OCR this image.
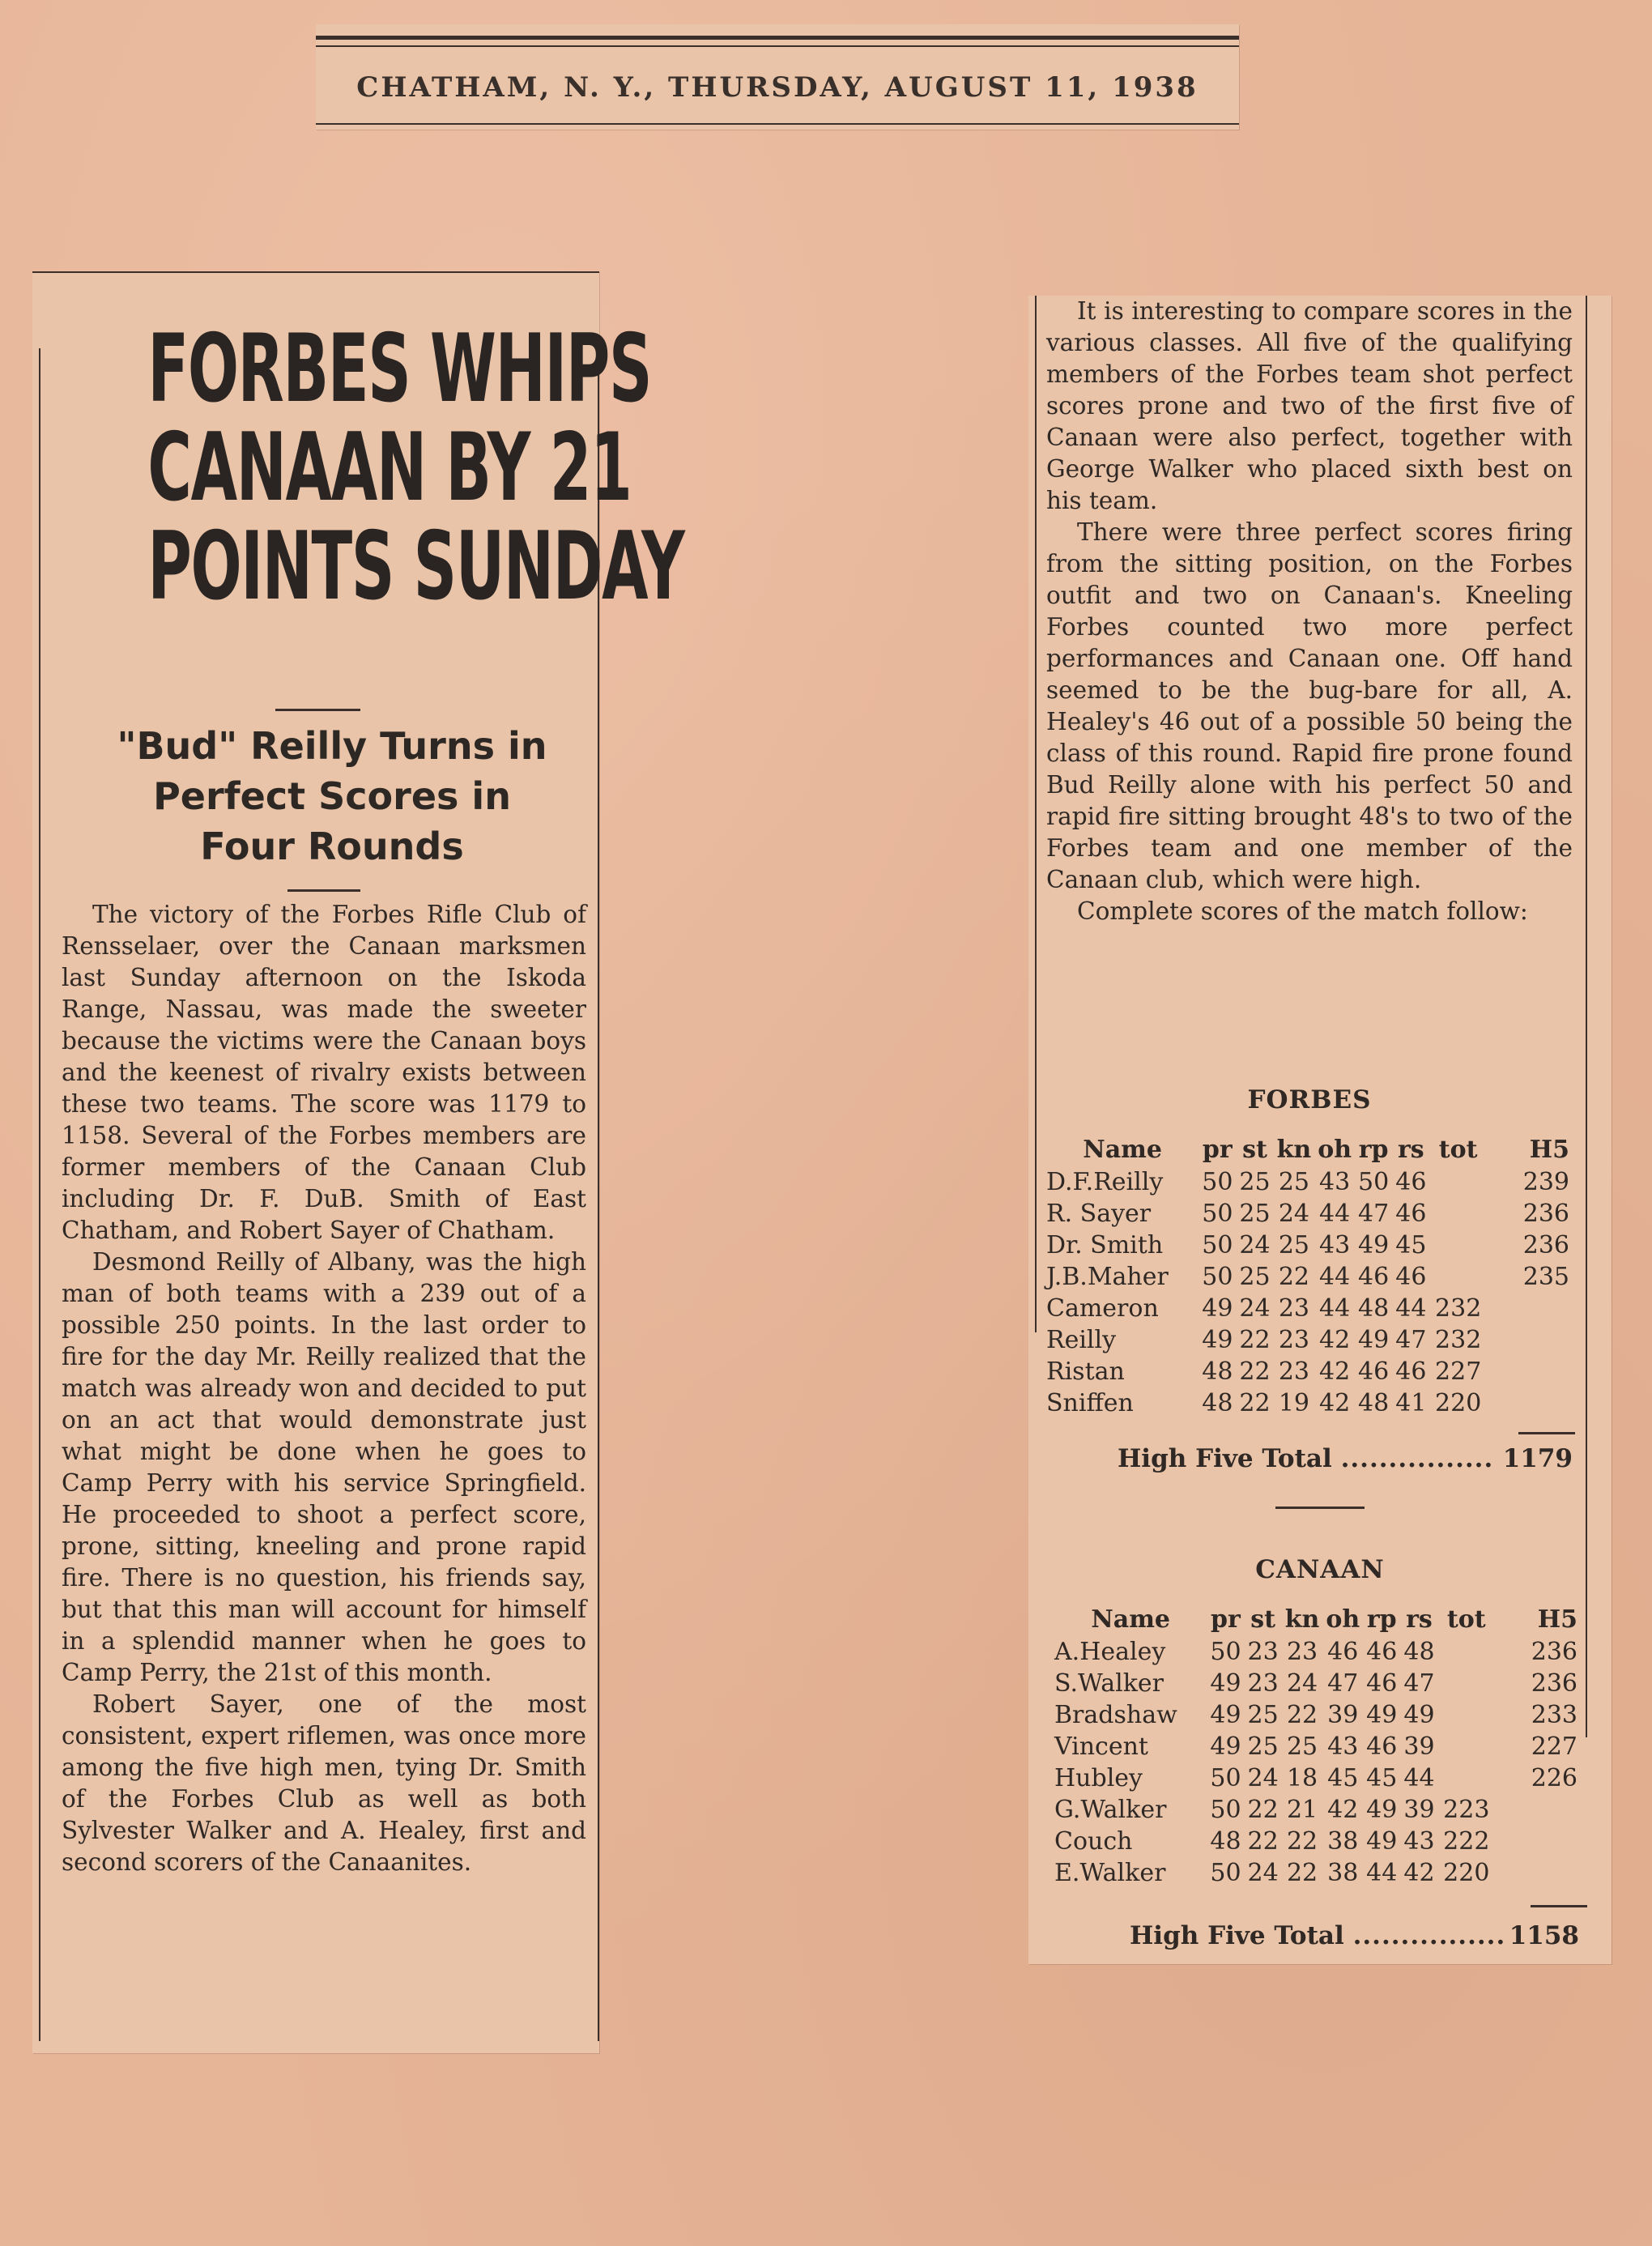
CHATHAM, N. Y., THURSDAY, AUGUST 11, 1938
FORBES WHIPS
CANAAN BY 21
POINTS SUNDAY
"Bud" Reilly Turns in
Perfect Scores in
Four Rounds

The victory of the Forbes Rifle Club of Rensselaer, over the Canaan marksmen last Sunday afternoon on the Iskoda Range, Nassau, was made the sweeter because the victims were the Canaan boys and the keenest of rivalry exists between these two teams. The score was 1179 to 1158. Several of the Forbes members are former members of the Canaan Club including Dr. F. DuB. Smith of East Chatham, and Robert Sayer of Chatham.

Desmond Reilly of Albany, was the high man of both teams with a 239 out of a possible 250 points. In the last order to fire for the day Mr. Reilly realized that the match was already won and decided to put on an act that would demonstrate just what might be done when he goes to Camp Perry with his service Springfield. He proceeded to shoot a perfect score, prone, sitting, kneeling and prone rapid fire. There is no question, his friends say, but that this man will account for himself in a splendid manner when he goes to Camp Perry, the 21st of this month.

Robert Sayer, one of the most consistent, expert riflemen, was once more among the five high men, tying Dr. Smith of the Forbes Club as well as both Sylvester Walker and A. Healey, first and second scorers of the Canaanites.

It is interesting to compare scores in the various classes. All five of the qualifying members of the Forbes team shot perfect scores prone and two of the first five of Canaan were also perfect, together with George Walker who placed sixth best on his team.

There were three perfect scores firing from the sitting position, on the Forbes outfit and two on Canaan's. Kneeling Forbes counted two more perfect performances and Canaan one. Off hand seemed to be the bug-bare for all, A. Healey's 46 out of a possible 50 being the class of this round. Rapid fire prone found Bud Reilly alone with his perfect 50 and rapid fire sitting brought 48's to two of the Forbes team and one member of the Canaan club, which were high.

Complete scores of the match follow:

FORBES
Name	pr	st	kn	oh	rp	rs	tot	H5
D.F.Reilly	50	25	25	43	50	46		239
R. Sayer	50	25	24	44	47	46		236
Dr. Smith	50	24	25	43	49	45		236
J.B.Maher	50	25	22	44	46	46		235
Cameron	49	24	23	44	48	44	232	
Reilly	49	22	23	42	49	47	232	
Ristan	48	22	23	42	46	46	227	
Sniffen	48	22	19	42	48	41	220	
High Five Total ................ 1179
CANAAN
Name	pr	st	kn	oh	rp	rs	tot	H5
A.Healey	50	23	23	46	46	48		236
S.Walker	49	23	24	47	46	47		236
Bradshaw	49	25	22	39	49	49		233
Vincent	49	25	25	43	46	39		227
Hubley	50	24	18	45	45	44		226
G.Walker	50	22	21	42	49	39	223	
Couch	48	22	22	38	49	43	222	
E.Walker	50	24	22	38	44	42	220	
High Five Total ................ 1158
